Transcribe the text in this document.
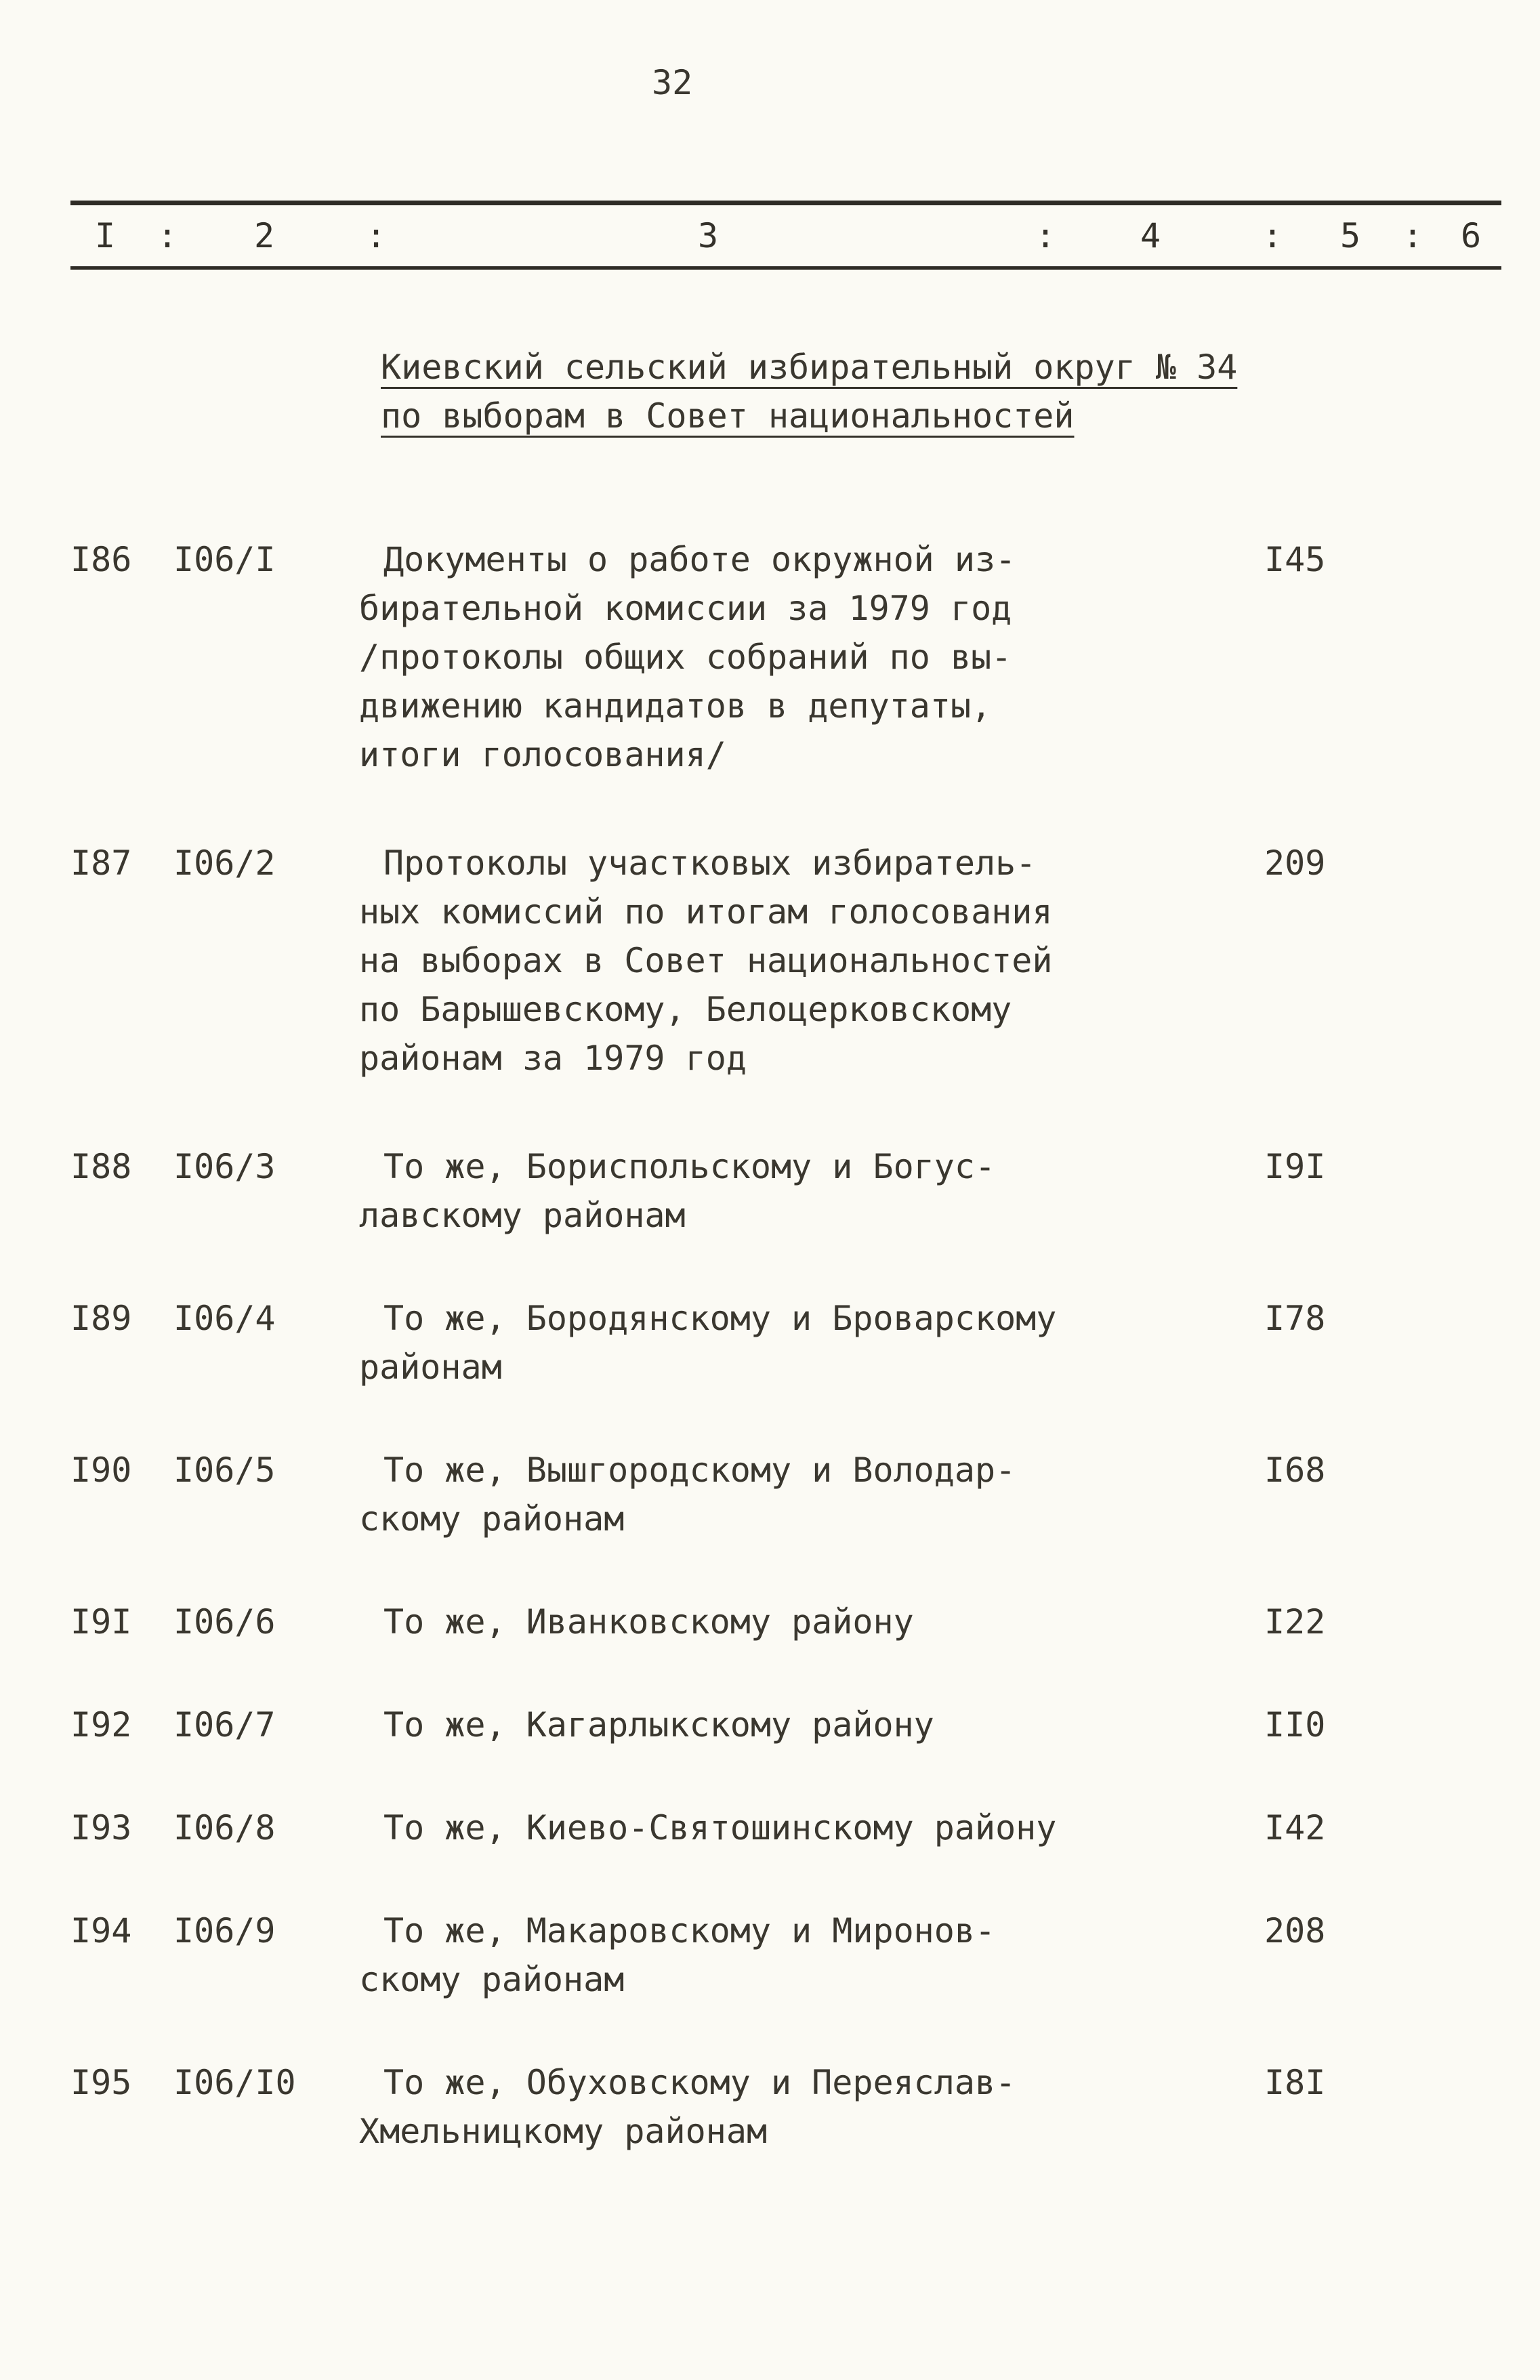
32
I : 2	:	3	: 4	: 5 : 6
Киевский сельский избирательный округ № 34
по выборам в Совет национальностей
I86 I06/I	Документы о работе окружной из-
бирательной комиссии за 1979 год
/протоколы общих собраний по вы-
движению кандидатов в депутаты,
итоги голосования/
I45
I87 I06/2	Протоколы участковых избиратель-
ных комиссий по итогам голосования
на выборах в Совет национальностей
по Барышевскому, Белоцерковскому
районам за 1979 год
209
I88 I06/3	То же, Бориспольскому и Богус-
лавскому районам
I9I
I89 I06/4	То же, Бородянскому и Броварскому
районам
I78
I90 I06/5	То же, Вышгородскому и Володар-
скому районам
I68
I9I I06/6	То же, Иванковскому району	I22
I92 I06/7	То же, Кагарлыкскому району	II0
I93 I06/8	То же, Киево-Святошинскому району	I42
I94 I06/9	То же, Макаровскому и Миронов-
скому районам
208
I95 I06/I0	То же, Обуховскому и Переяслав-
Хмельницкому районам
I8I
